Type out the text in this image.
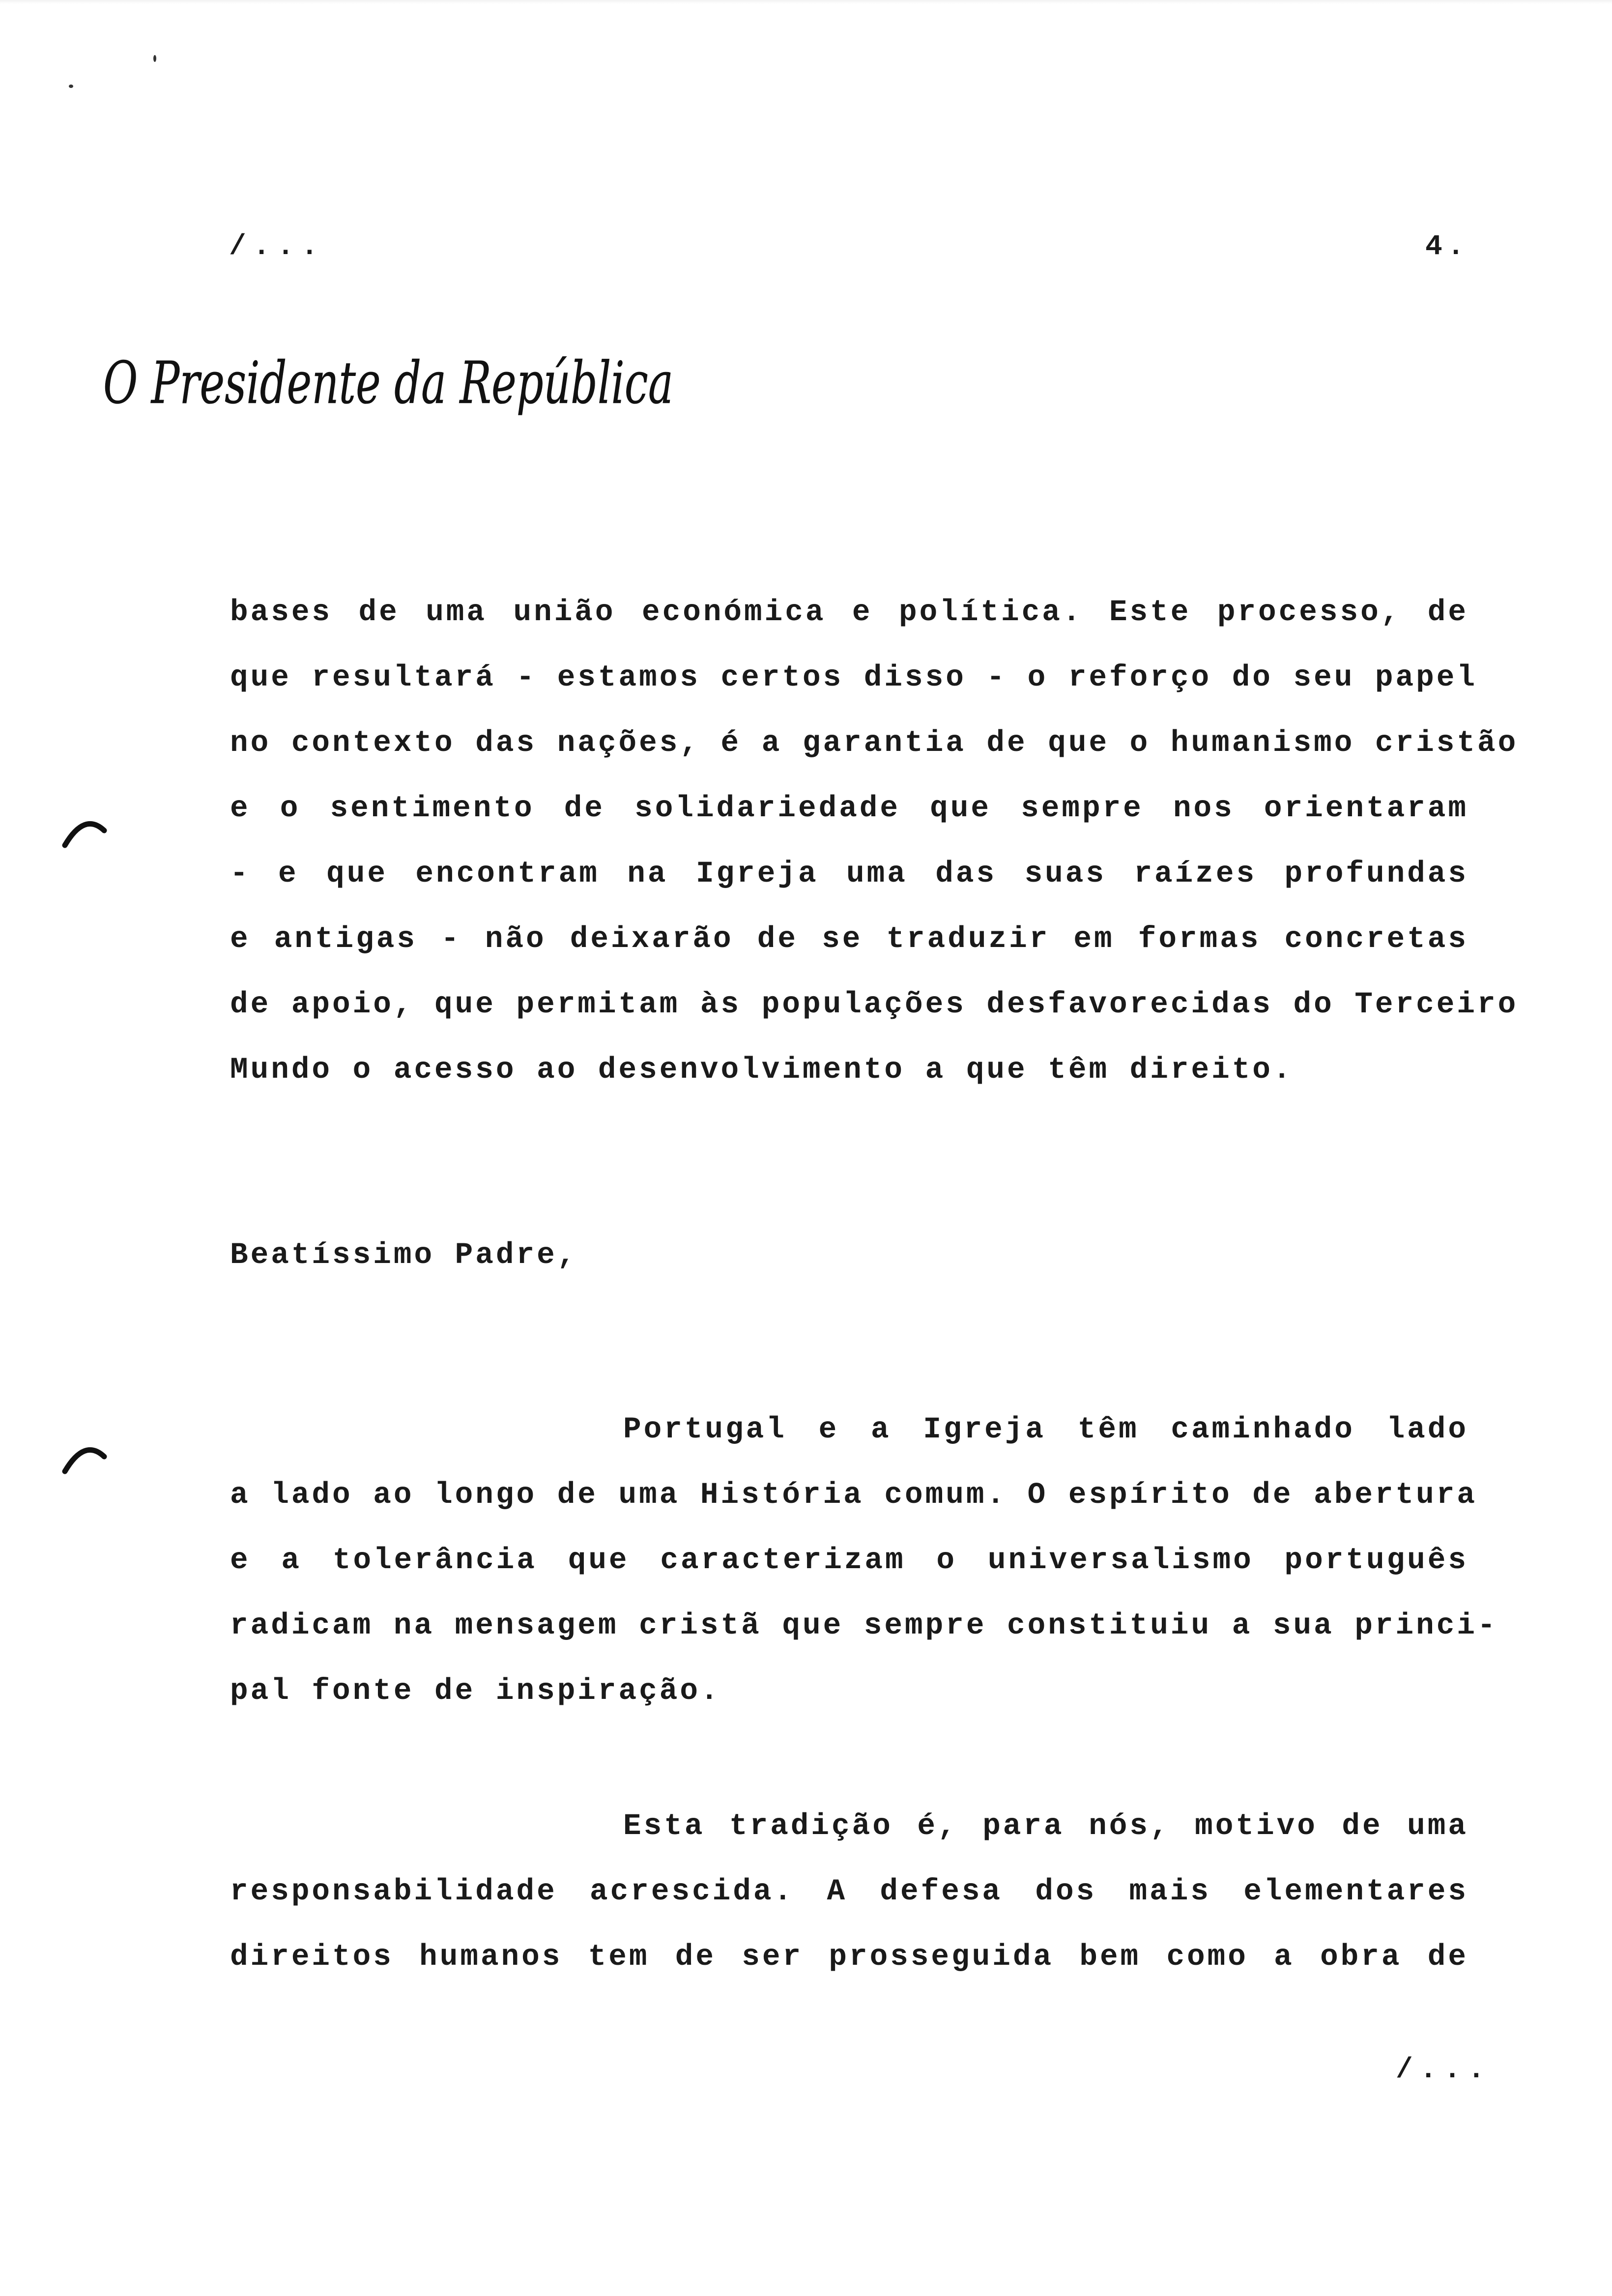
/...	4.
O Presidente da República
bases de uma união económica e política. Este processo, de
que resultará - estamos certos disso - o reforço do seu papel
no contexto das nações, é a garantia de que o humanismo cristão
e o sentimento de solidariedade que sempre nos orientaram
- e que encontram na Igreja uma das suas raízes profundas
e antigas - não deixarão de se traduzir em formas concretas
de apoio, que permitam às populações desfavorecidas do Terceiro
Mundo o acesso ao desenvolvimento a que têm direito.
Beatíssimo Padre,
Portugal e a Igreja têm caminhado lado
a lado ao longo de uma História comum. O espírito de abertura
e a tolerância que caracterizam o universalismo português
radicam na mensagem cristã que sempre constituiu a sua princi-
pal fonte de inspiração.
Esta tradição é, para nós, motivo de uma
responsabilidade acrescida. A defesa dos mais elementares
direitos humanos tem de ser prosseguida bem como a obra de
/...
